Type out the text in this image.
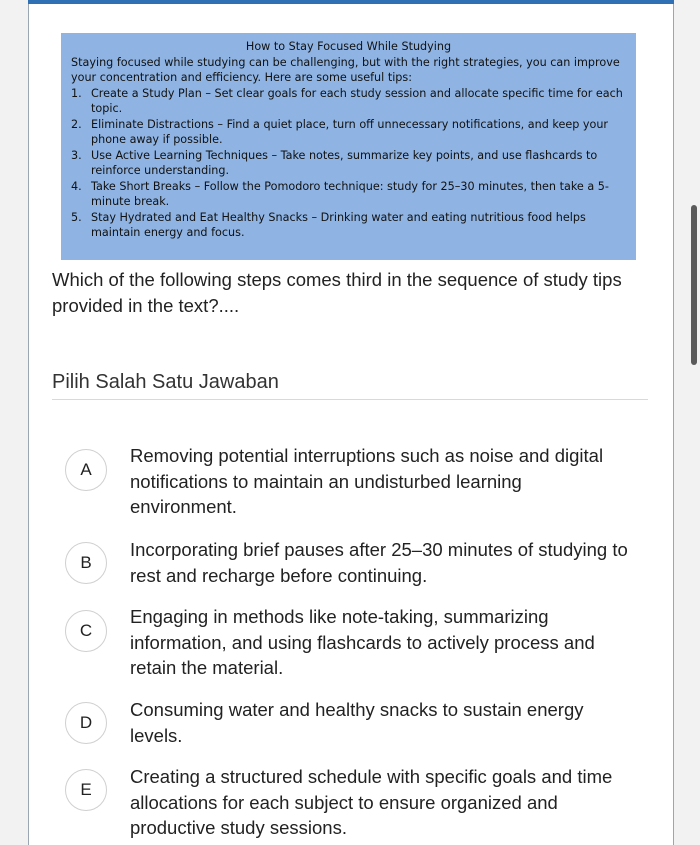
How to Stay Focused While Studying

Staying focused while studying can be challenging, but with the right strategies, you can improve your concentration and efficiency. Here are some useful tips:

1. Create a Study Plan – Set clear goals for each study session and allocate specific time for each topic.
2. Eliminate Distractions – Find a quiet place, turn off unnecessary notifications, and keep your phone away if possible.
3. Use Active Learning Techniques – Take notes, summarize key points, and use flashcards to reinforce understanding.
4. Take Short Breaks – Follow the Pomodoro technique: study for 25–30 minutes, then take a 5-minute break.
5. Stay Hydrated and Eat Healthy Snacks – Drinking water and eating nutritious food helps maintain energy and focus.
Which of the following steps comes third in the sequence of study tips provided in the text?....
Pilih Salah Satu Jawaban
A
Removing potential interruptions such as noise and digital notifications to maintain an undisturbed learning environment.
B
Incorporating brief pauses after 25–30 minutes of studying to rest and recharge before continuing.
C
Engaging in methods like note-taking, summarizing information, and using flashcards to actively process and retain the material.
D
Consuming water and healthy snacks to sustain energy levels.
E
Creating a structured schedule with specific goals and time allocations for each subject to ensure organized and productive study sessions.
